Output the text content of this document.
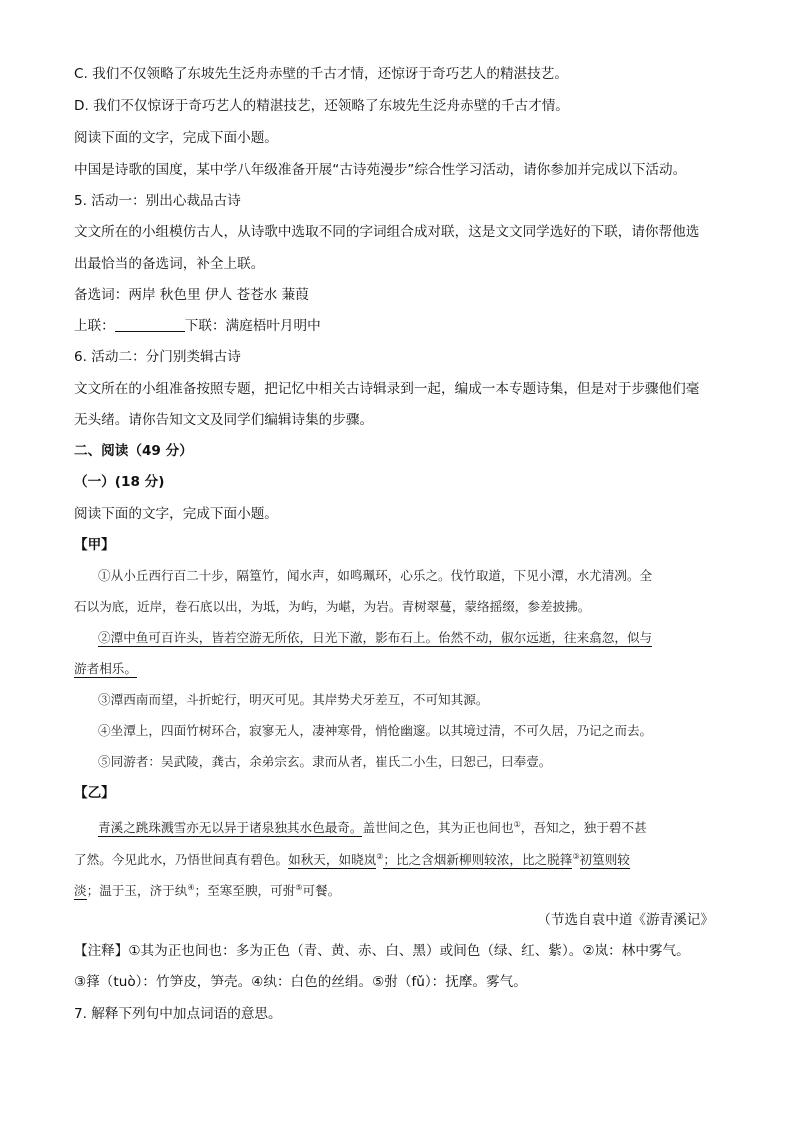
C. 我们不仅领略了东坡先生泛舟赤壁的千古才情，还惊讶于奇巧艺人的精湛技艺。
D. 我们不仅惊讶于奇巧艺人的精湛技艺，还领略了东坡先生泛舟赤壁的千古才情。
阅读下面的文字，完成下面小题。
中国是诗歌的国度，某中学八年级准备开展“古诗苑漫步”综合性学习活动，请你参加并完成以下活动。
5. 活动一：别出心裁品古诗
文文所在的小组模仿古人，从诗歌中选取不同的字词组合成对联，这是文文同学选好的下联，请你帮他选
出最恰当的备选词，补全上联。
备选词：两岸 秋色里 伊人 苍苍水 蒹葭
上联：	下联：满庭梧叶月明中
6. 活动二：分门别类辑古诗
文文所在的小组准备按照专题，把记忆中相关古诗辑录到一起，编成一本专题诗集，但是对于步骤他们毫
无头绪。请你告知文文及同学们编辑诗集的步骤。
二、阅读（49 分）
（一）(18 分)
阅读下面的文字，完成下面小题。
【甲】
①从小丘西行百二十步，隔篁竹，闻水声，如鸣珮环，心乐之。伐竹取道，下见小潭，水尤清冽。全
石以为底，近岸，卷石底以出，为坻，为屿，为嵁，为岩。青树翠蔓，蒙络摇缀，参差披拂。
②潭中鱼可百许头，皆若空游无所依，日光下澈，影布石上。佁然不动，俶尔远逝，往来翕忽，似与
游者相乐。
③潭西南而望，斗折蛇行，明灭可见。其岸势犬牙差互，不可知其源。
④坐潭上，四面竹树环合，寂寥无人，凄神寒骨，悄怆幽邃。以其境过清，不可久居，乃记之而去。
⑤同游者：吴武陵，龚古，余弟宗玄。隶而从者，崔氏二小生，曰恕己，曰奉壹。
【乙】
青溪之跳珠溅雪亦无以异于诸泉独其水色最奇。盖世间之色，其为正也间也①，吾知之，独于碧不甚
了然。今见此水，乃悟世间真有碧色。如秋天，如晓岚②；比之含烟新柳则较浓，比之脱箨③初篁则较
淡；温于玉，济于纨④；至寒至腴，可弣⑤可餐。
（节选自袁中道《游青溪记》
【注释】①其为正也间也：多为正色（青、黄、赤、白、黑）或间色（绿、红、紫）。②岚：林中雾气。
③箨（tuò）：竹笋皮，笋壳。④纨：白色的丝绢。⑤弣（fǔ）：抚摩。雾气。
7. 解释下列句中加点词语的意思。
